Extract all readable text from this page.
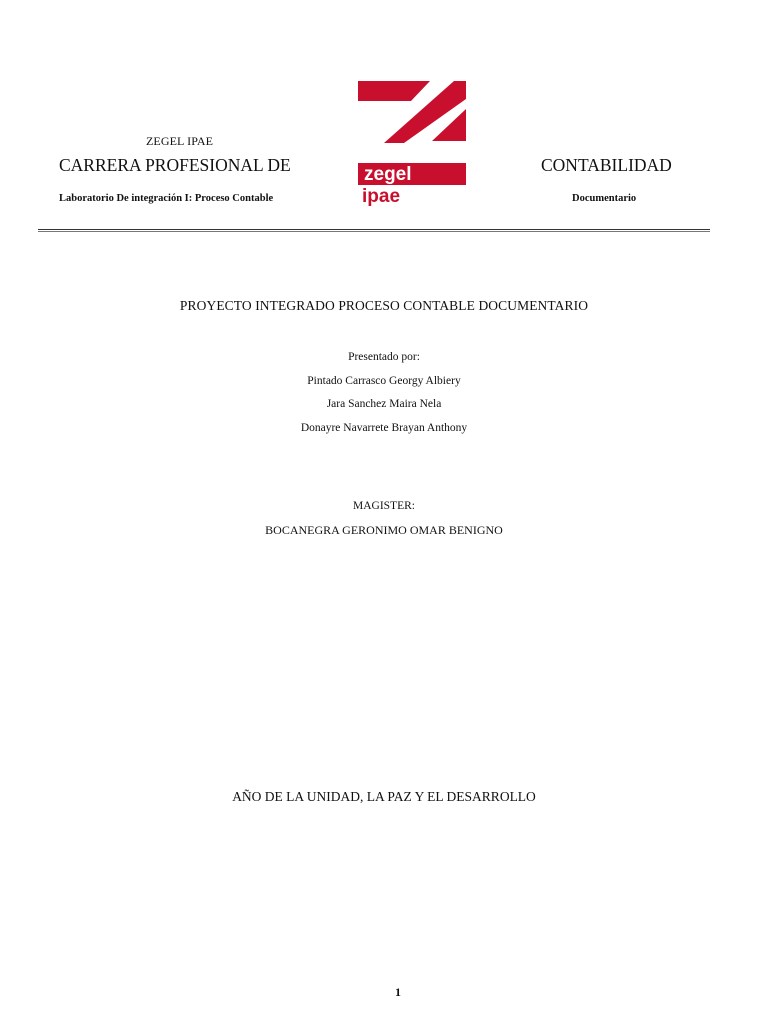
ZEGEL IPAE
CARRERA PROFESIONAL DE	CONTABILIDAD
Laboratorio De integración I: Proceso Contable	Documentario
zegel
ipae
PROYECTO INTEGRADO PROCESO CONTABLE DOCUMENTARIO
Presentado por:
Pintado Carrasco Georgy Albiery
Jara Sanchez Maira Nela
Donayre Navarrete Brayan Anthony
MAGISTER:
BOCANEGRA GERONIMO OMAR BENIGNO
AÑO DE LA UNIDAD, LA PAZ Y EL DESARROLLO
1
